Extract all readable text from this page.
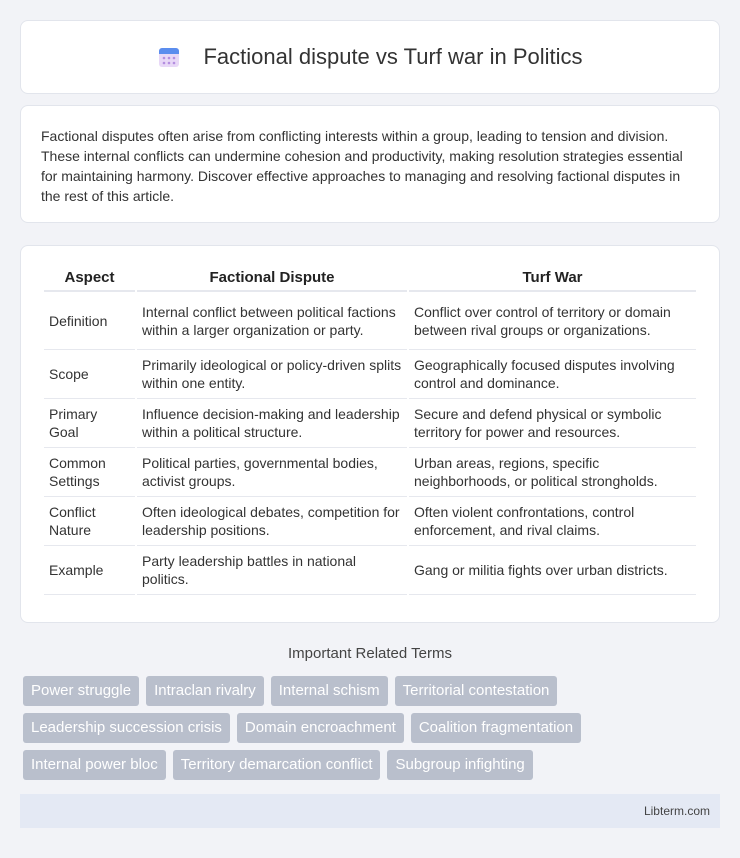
Factional dispute vs Turf war in Politics

Factional disputes often arise from conflicting interests within a group, leading to tension and division. These internal conflicts can undermine cohesion and productivity, making resolution strategies essential for maintaining harmony. Discover effective approaches to managing and resolving factional disputes in the rest of this article.

Aspect	Factional Dispute	Turf War
Definition	Internal conflict between political factions within a larger organization or party.	Conflict over control of territory or domain between rival groups or organizations.
Scope	Primarily ideological or policy-driven splits within one entity.	Geographically focused disputes involving control and dominance.
Primary Goal	Influence decision-making and leadership within a political structure.	Secure and defend physical or symbolic territory for power and resources.
Common Settings	Political parties, governmental bodies, activist groups.	Urban areas, regions, specific neighborhoods, or political strongholds.
Conflict Nature	Often ideological debates, competition for leadership positions.	Often violent confrontations, control enforcement, and rival claims.
Example	Party leadership battles in national politics.	Gang or militia fights over urban districts.
Important Related Terms
Power struggle	Intraclan rivalry	Internal schism	Territorial contestation
Leadership succession crisis	Domain encroachment	Coalition fragmentation
Internal power bloc	Territory demarcation conflict	Subgroup infighting
Libterm.com
